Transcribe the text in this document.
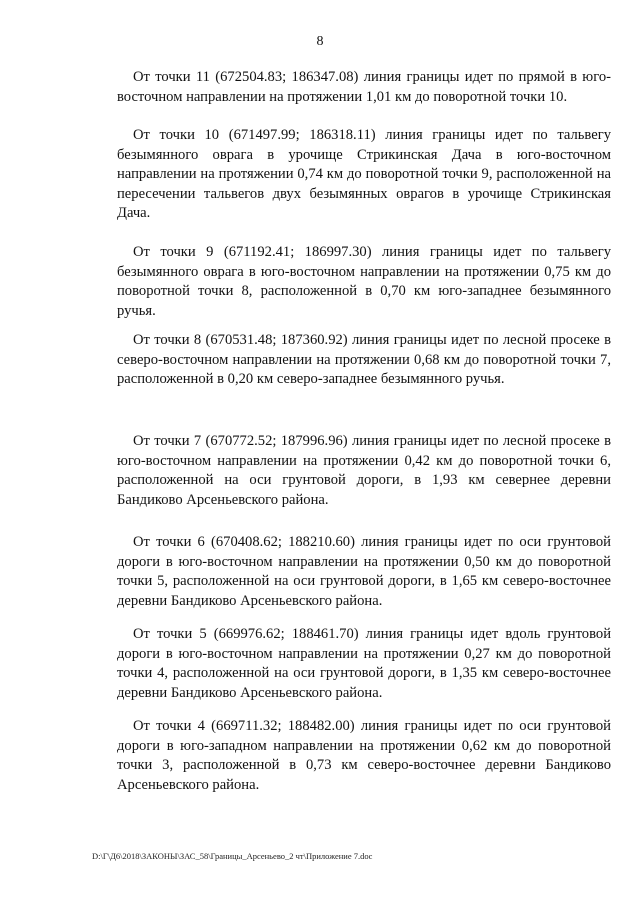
8

От точки 11 (672504.83; 186347.08) линия границы идет по прямой в юго-восточном направлении на протяжении 1,01 км до поворотной точки 10.

От точки 10 (671497.99; 186318.11) линия границы идет по тальвегу безымянного оврага в урочище Стрикинская Дача в юго-восточном направлении на протяжении 0,74 км до поворотной точки 9, расположенной на пересечении тальвегов двух безымянных оврагов в урочище Стрикинская Дача.

От точки 9 (671192.41; 186997.30) линия границы идет по тальвегу безымянного оврага в юго-восточном направлении на протяжении 0,75 км до поворотной точки 8, расположенной в 0,70 км юго-западнее безымянного ручья.

От точки 8 (670531.48; 187360.92) линия границы идет по лесной просеке в северо-восточном направлении на протяжении 0,68 км до поворотной точки 7, расположенной в 0,20 км северо-западнее безымянного ручья.

От точки 7 (670772.52; 187996.96) линия границы идет по лесной просеке в юго-восточном направлении на протяжении 0,42 км до поворотной точки 6, расположенной на оси грунтовой дороги, в 1,93 км севернее деревни Бандиково Арсеньевского района.

От точки 6 (670408.62; 188210.60) линия границы идет по оси грунтовой дороги в юго-восточном направлении на протяжении 0,50 км до поворотной точки 5, расположенной на оси грунтовой дороги, в 1,65 км северо-восточнее деревни Бандиково Арсеньевского района.

От точки 5 (669976.62; 188461.70) линия границы идет вдоль грунтовой дороги в юго-восточном направлении на протяжении 0,27 км до поворотной точки 4, расположенной на оси грунтовой дороги, в 1,35 км северо-восточнее деревни Бандиково Арсеньевского района.

От точки 4 (669711.32; 188482.00) линия границы идет по оси грунтовой дороги в юго-западном направлении на протяжении 0,62 км до поворотной точки 3, расположенной в 0,73 км северо-восточнее деревни Бандиково Арсеньевского района.

D:\Г\Д6\2018\ЗАКОНЫ\ЗАС_58\Границы_Арсеньево_2 чт\Приложение 7.doc
